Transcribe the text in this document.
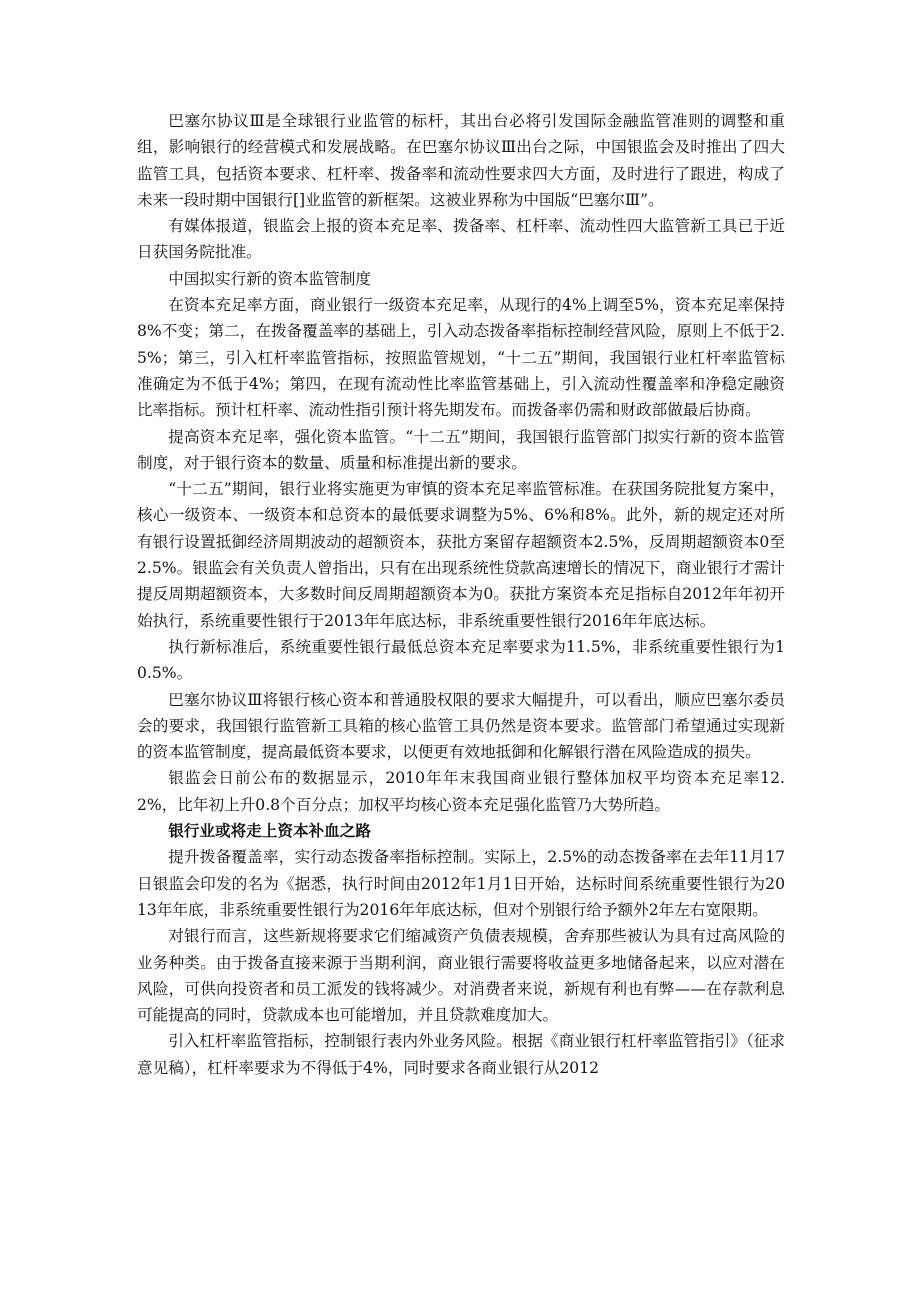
巴塞尔协议Ⅲ是全球银行业监管的标杆，其出台必将引发国际金融监管准则的调整和重组，影响银行的经营模式和发展战略。在巴塞尔协议Ⅲ出台之际，中国银监会及时推出了四大监管工具，包括资本要求、杠杆率、拨备率和流动性要求四大方面，及时进行了跟进，构成了未来一段时期中国银行[]业监管的新框架。这被业界称为中国版“巴塞尔Ⅲ”。

有媒体报道，银监会上报的资本充足率、拨备率、杠杆率、流动性四大监管新工具已于近日获国务院批准。

中国拟实行新的资本监管制度

在资本充足率方面，商业银行一级资本充足率，从现行的4%上调至5%，资本充足率保持8%不变；第二，在拨备覆盖率的基础上，引入动态拨备率指标控制经营风险，原则上不低于2.5%；第三，引入杠杆率监管指标，按照监管规划，“十二五”期间，我国银行业杠杆率监管标准确定为不低于4%；第四，在现有流动性比率监管基础上，引入流动性覆盖率和净稳定融资比率指标。预计杠杆率、流动性指引预计将先期发布。而拨备率仍需和财政部做最后协商。

提高资本充足率，强化资本监管。“十二五”期间，我国银行监管部门拟实行新的资本监管制度，对于银行资本的数量、质量和标准提出新的要求。

“十二五”期间，银行业将实施更为审慎的资本充足率监管标准。在获国务院批复方案中，核心一级资本、一级资本和总资本的最低要求调整为5%、6%和8%。此外，新的规定还对所有银行设置抵御经济周期波动的超额资本，获批方案留存超额资本2.5%，反周期超额资本0至2.5%。银监会有关负责人曾指出，只有在出现系统性贷款高速增长的情况下，商业银行才需计提反周期超额资本，大多数时间反周期超额资本为0。获批方案资本充足指标自2012年年初开始执行，系统重要性银行于2013年年底达标，非系统重要性银行2016年年底达标。

执行新标准后，系统重要性银行最低总资本充足率要求为11.5%，非系统重要性银行为10.5%。

巴塞尔协议Ⅲ将银行核心资本和普通股权限的要求大幅提升，可以看出，顺应巴塞尔委员会的要求，我国银行监管新工具箱的核心监管工具仍然是资本要求。监管部门希望通过实现新的资本监管制度，提高最低资本要求，以便更有效地抵御和化解银行潜在风险造成的损失。

银监会日前公布的数据显示，2010年年末我国商业银行整体加权平均资本充足率12.2%，比年初上升0.8个百分点；加权平均核心资本充足强化监管乃大势所趋。

银行业或将走上资本补血之路

提升拨备覆盖率，实行动态拨备率指标控制。实际上，2.5%的动态拨备率在去年11月17日银监会印发的名为《据悉，执行时间由2012年1月1日开始，达标时间系统重要性银行为2013年年底，非系统重要性银行为2016年年底达标，但对个别银行给予额外2年左右宽限期。

对银行而言，这些新规将要求它们缩减资产负债表规模，舍弃那些被认为具有过高风险的业务种类。由于拨备直接来源于当期利润，商业银行需要将收益更多地储备起来，以应对潜在风险，可供向投资者和员工派发的钱将减少。对消费者来说，新规有利也有弊——在存款利息可能提高的同时，贷款成本也可能增加，并且贷款难度加大。

引入杠杆率监管指标，控制银行表内外业务风险。根据《商业银行杠杆率监管指引》（征求意见稿），杠杆率要求为不得低于4%，同时要求各商业银行从2012
